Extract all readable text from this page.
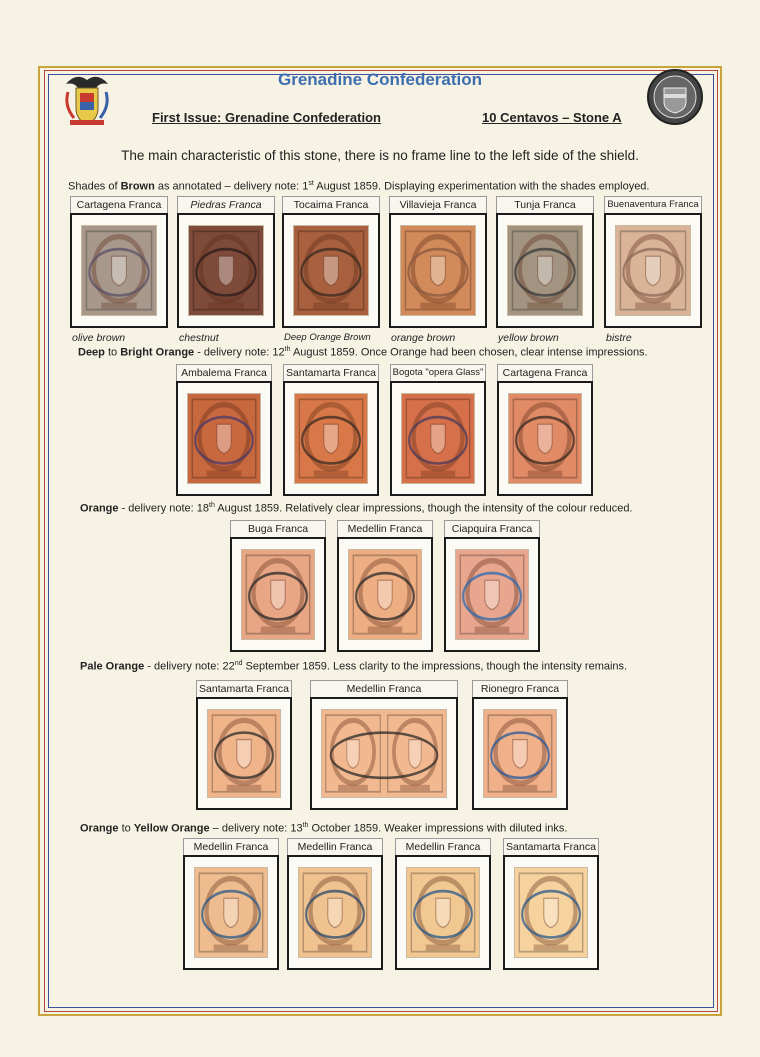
Grenadine Confederation
First Issue: Grenadine Confederation	10 Centavos – Stone A
The main characteristic of this stone, there is no frame line to the left side of the shield.
Shades of Brown as annotated – delivery note: 1st August 1859. Displaying experimentation with the shades employed.
Cartagena Franca
olive brown
Piedras Franca
chestnut
Tocaima Franca
Deep Orange Brown
Villavieja Franca
orange brown
Tunja Franca
yellow brown
Buenaventura Franca
bistre
Deep to Bright Orange - delivery note: 12th August 1859. Once Orange had been chosen, clear intense impressions.
Ambalema Franca	Santamarta Franca	Bogota "opera Glass"	Cartagena Franca
Orange - delivery note: 18th August 1859. Relatively clear impressions, though the intensity of the colour reduced.
Buga Franca	Medellin Franca	Ciapquira Franca
Pale Orange - delivery note: 22nd September 1859. Less clarity to the impressions, though the intensity remains.
Santamarta Franca	Medellin Franca	Rionegro Franca
Orange to Yellow Orange – delivery note: 13th October 1859. Weaker impressions with diluted inks.
Medellin Franca	Medellin Franca	Medellin Franca	Santamarta Franca
